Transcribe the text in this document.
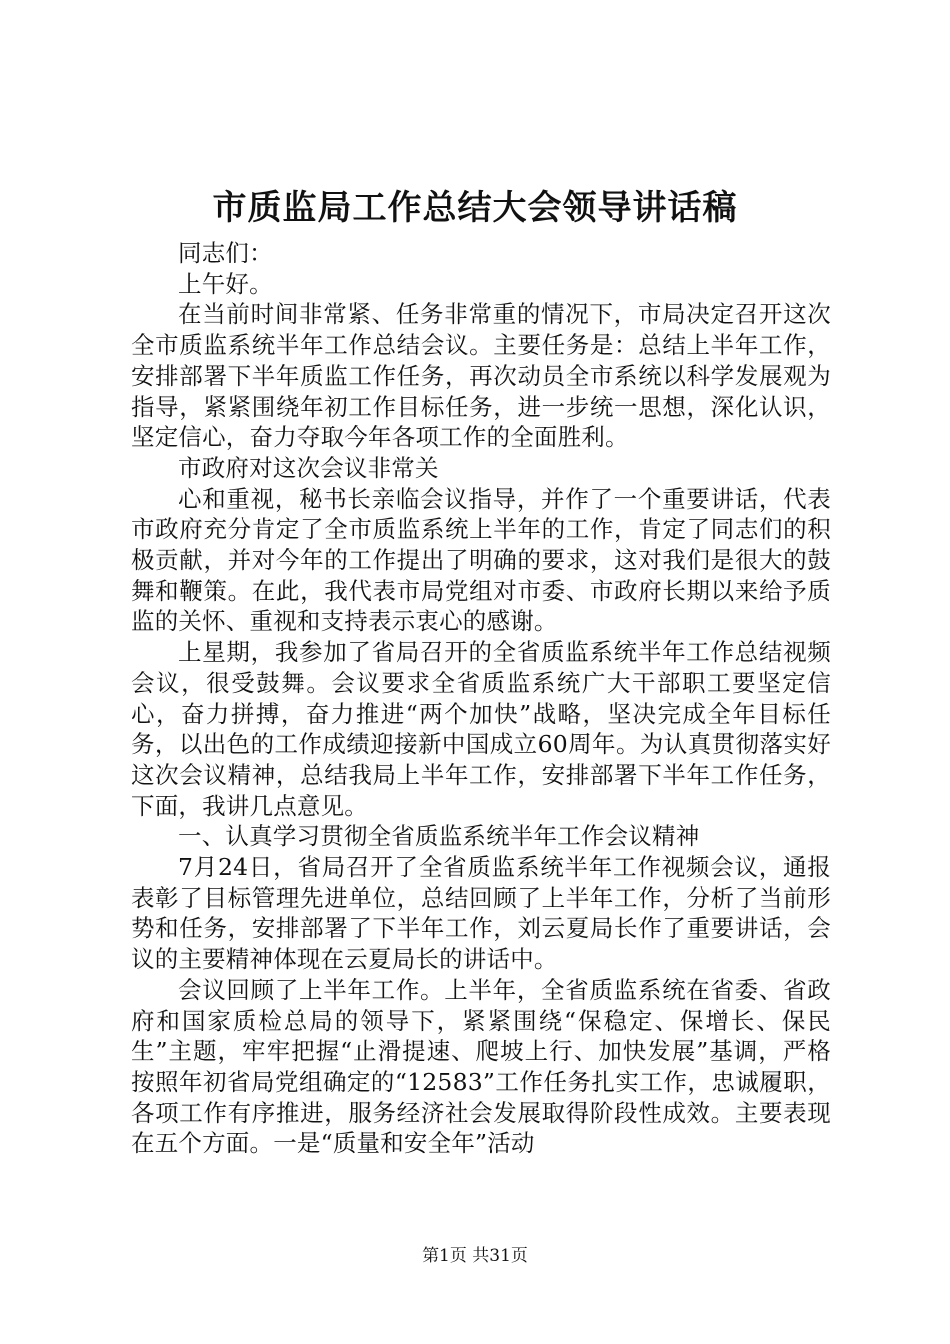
市质监局工作总结大会领导讲话稿

同志们：

上午好。

在当前时间非常紧、任务非常重的情况下，市局决定召开这次全市质监系统半年工作总结会议。主要任务是：总结上半年工作，安排部署下半年质监工作任务，再次动员全市系统以科学发展观为指导，紧紧围绕年初工作目标任务，进一步统一思想，深化认识，坚定信心，奋力夺取今年各项工作的全面胜利。

市政府对这次会议非常关

心和重视，秘书长亲临会议指导，并作了一个重要讲话，代表市政府充分肯定了全市质监系统上半年的工作，肯定了同志们的积极贡献，并对今年的工作提出了明确的要求，这对我们是很大的鼓舞和鞭策。在此，我代表市局党组对市委、市政府长期以来给予质监的关怀、重视和支持表示衷心的感谢。

上星期，我参加了省局召开的全省质监系统半年工作总结视频会议，很受鼓舞。会议要求全省质监系统广大干部职工要坚定信心，奋力拼搏，奋力推进“两个加快”战略，坚决完成全年目标任务，以出色的工作成绩迎接新中国成立60周年。为认真贯彻落实好这次会议精神，总结我局上半年工作，安排部署下半年工作任务，下面，我讲几点意见。

一、认真学习贯彻全省质监系统半年工作会议精神

7月24日，省局召开了全省质监系统半年工作视频会议，通报表彰了目标管理先进单位，总结回顾了上半年工作，分析了当前形势和任务，安排部署了下半年工作，刘云夏局长作了重要讲话，会议的主要精神体现在云夏局长的讲话中。

会议回顾了上半年工作。上半年，全省质监系统在省委、省政府和国家质检总局的领导下，紧紧围绕“保稳定、保增长、保民生”主题，牢牢把握“止滑提速、爬坡上行、加快发展”基调，严格按照年初省局党组确定的“12583”工作任务扎实工作，忠诚履职，各项工作有序推进，服务经济社会发展取得阶段性成效。主要表现在五个方面。一是“质量和安全年”活动

第1页 共31页
